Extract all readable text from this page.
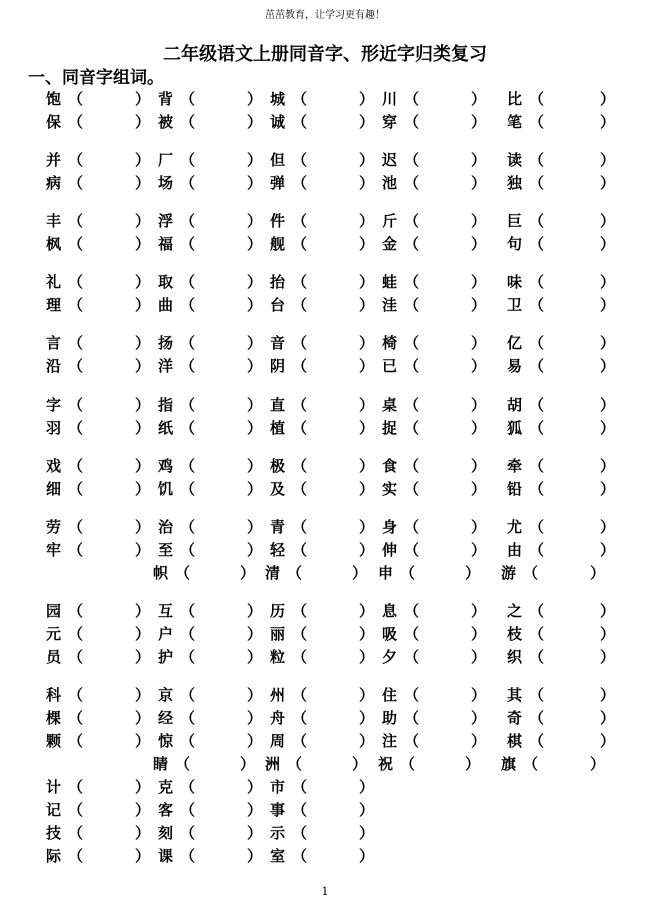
茁茁教育，让学习更有趣！
二年级语文上册同音字、形近字归类复习
一、同音字组词。
饱 （	） 背 （	） 城 （	） 川 （	） 比 （	）
保 （	） 被 （	） 诚 （	） 穿 （	） 笔 （	）
并 （	） 厂 （	） 但 （	） 迟 （	） 读 （	）
病 （	） 场 （	） 弹 （	） 池 （	） 独 （	）
丰 （	） 浮 （	） 件 （	） 斤 （	） 巨 （	）
枫 （	） 福 （	） 舰 （	） 金 （	） 句 （	）
礼 （	） 取 （	） 抬 （	） 蛙 （	） 味 （	）
理 （	） 曲 （	） 台 （	） 洼 （	） 卫 （	）
言 （	） 扬 （	） 音 （	） 椅 （	） 亿 （	）
沿 （	） 洋 （	） 阴 （	） 已 （	） 易 （	）
字 （	） 指 （	） 直 （	） 桌 （	） 胡 （	）
羽 （	） 纸 （	） 植 （	） 捉 （	） 狐 （	）
戏 （	） 鸡 （	） 极 （	） 食 （	） 牵 （	）
细 （	） 饥 （	） 及 （	） 实 （	） 铅 （	）
劳 （	） 治 （	） 青 （	） 身 （	） 尤 （	）
牢 （	） 至 （	） 轻 （	） 伸 （	） 由 （	）
帜 （	） 清 （	） 申 （	） 游 （	）
园 （	） 互 （	） 历 （	） 息 （	） 之 （	）
元 （	） 户 （	） 丽 （	） 吸 （	） 枝 （	）
员 （	） 护 （	） 粒 （	） 夕 （	） 织 （	）
科 （	） 京 （	） 州 （	） 住 （	） 其 （	）
棵 （	） 经 （	） 舟 （	） 助 （	） 奇 （	）
颗 （	） 惊 （	） 周 （	） 注 （	） 棋 （	）
睛 （	） 洲 （	） 祝 （	） 旗 （	）
计 （	） 克 （	） 市 （	）
记 （	） 客 （	） 事 （	）
技 （	） 刻 （	） 示 （	）
际 （	） 课 （	） 室 （	）
1
